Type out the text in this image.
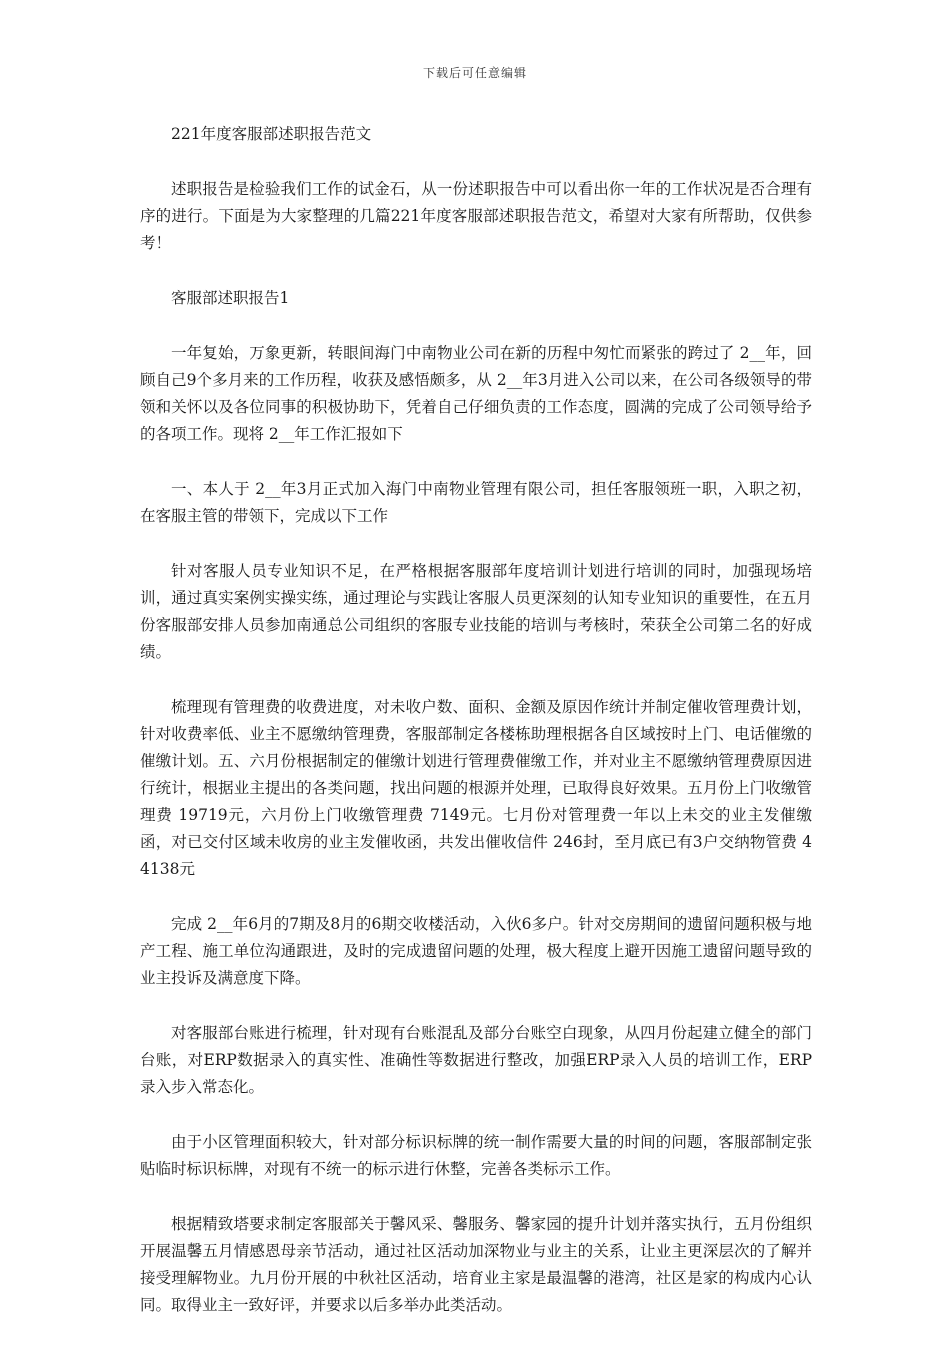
下载后可任意编辑

221年度客服部述职报告范文

述职报告是检验我们工作的试金石，从一份述职报告中可以看出你一年的工作状况是否合理有序的进行。下面是为大家整理的几篇221年度客服部述职报告范文，希望对大家有所帮助，仅供参考！

客服部述职报告1

一年复始，万象更新，转眼间海门中南物业公司在新的历程中匆忙而紧张的跨过了 2__年，回顾自己9个多月来的工作历程，收获及感悟颇多，从 2__年3月进入公司以来，在公司各级领导的带领和关怀以及各位同事的积极协助下，凭着自己仔细负责的工作态度，圆满的完成了公司领导给予的各项工作。现将 2__年工作汇报如下

一、本人于 2__年3月正式加入海门中南物业管理有限公司，担任客服领班一职，入职之初，在客服主管的带领下，完成以下工作

针对客服人员专业知识不足，在严格根据客服部年度培训计划进行培训的同时，加强现场培训，通过真实案例实操实练，通过理论与实践让客服人员更深刻的认知专业知识的重要性，在五月份客服部安排人员参加南通总公司组织的客服专业技能的培训与考核时，荣获全公司第二名的好成绩。

梳理现有管理费的收费进度，对未收户数、面积、金额及原因作统计并制定催收管理费计划，针对收费率低、业主不愿缴纳管理费，客服部制定各楼栋助理根据各自区域按时上门、电话催缴的催缴计划。五、六月份根据制定的催缴计划进行管理费催缴工作，并对业主不愿缴纳管理费原因进行统计，根据业主提出的各类问题，找出问题的根源并处理，已取得良好效果。五月份上门收缴管理费 19719元，六月份上门收缴管理费 7149元。七月份对管理费一年以上未交的业主发催缴函，对已交付区域未收房的业主发催收函，共发出催收信件 246封，至月底已有3户交纳物管费 44138元

完成 2__年6月的7期及8月的6期交收楼活动，入伙6多户。针对交房期间的遗留问题积极与地产工程、施工单位沟通跟进，及时的完成遗留问题的处理，极大程度上避开因施工遗留问题导致的业主投诉及满意度下降。

对客服部台账进行梳理，针对现有台账混乱及部分台账空白现象，从四月份起建立健全的部门台账，对ERP数据录入的真实性、准确性等数据进行整改，加强ERP录入人员的培训工作，ERP录入步入常态化。

由于小区管理面积较大，针对部分标识标牌的统一制作需要大量的时间的问题，客服部制定张贴临时标识标牌，对现有不统一的标示进行休整，完善各类标示工作。

根据精致塔要求制定客服部关于馨风采、馨服务、馨家园的提升计划并落实执行，五月份组织开展温馨五月情感恩母亲节活动，通过社区活动加深物业与业主的关系，让业主更深层次的了解并接受理解物业。九月份开展的中秋社区活动，培育业主家是最温馨的港湾，社区是家的构成内心认同。取得业主一致好评，并要求以后多举办此类活动。
